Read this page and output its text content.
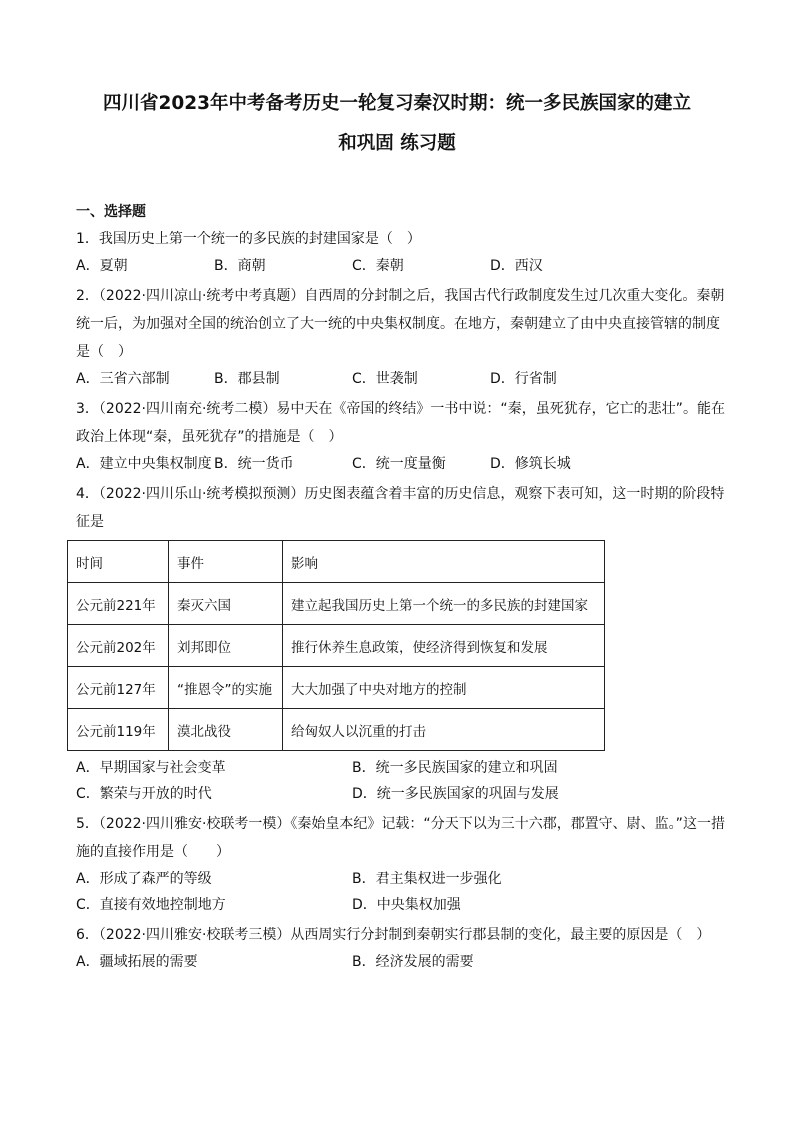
四川省2023年中考备考历史一轮复习秦汉时期：统一多民族国家的建立
和巩固 练习题

一、选择题

1．我国历史上第一个统一的多民族的封建国家是（　）

A．夏朝	B．商朝	C．秦朝	D．西汉

2．（2022·四川凉山·统考中考真题）自西周的分封制之后，我国古代行政制度发生过几次重大变化。秦朝

统一后，为加强对全国的统治创立了大一统的中央集权制度。在地方，秦朝建立了由中央直接管辖的制度

是（　）

A．三省六部制	B．郡县制	C．世袭制	D．行省制

3．（2022·四川南充·统考二模）易中天在《帝国的终结》一书中说：“秦，虽死犹存，它亡的悲壮”。能在

政治上体现“秦，虽死犹存”的措施是（　）

A．建立中央集权制度 B．统一货币	C．统一度量衡	D．修筑长城

4．（2022·四川乐山·统考模拟预测）历史图表蕴含着丰富的历史信息，观察下表可知，这一时期的阶段特

征是

时间	事件	影响
公元前221年	秦灭六国	建立起我国历史上第一个统一的多民族的封建国家
公元前202年	刘邦即位	推行休养生息政策，使经济得到恢复和发展
公元前127年	“推恩令”的实施	大大加强了中央对地方的控制
公元前119年	漠北战役	给匈奴人以沉重的打击
A．早期国家与社会变革	B．统一多民族国家的建立和巩固
C．繁荣与开放的时代	D．统一多民族国家的巩固与发展

5．（2022·四川雅安·校联考一模）《秦始皇本纪》记载：“分天下以为三十六郡，郡置守、尉、监。”这一措

施的直接作用是（　　）

A．形成了森严的等级	B．君主集权进一步强化
C．直接有效地控制地方	D．中央集权加强

6．（2022·四川雅安·校联考三模）从西周实行分封制到秦朝实行郡县制的变化，最主要的原因是（　）

A．疆域拓展的需要	B．经济发展的需要
